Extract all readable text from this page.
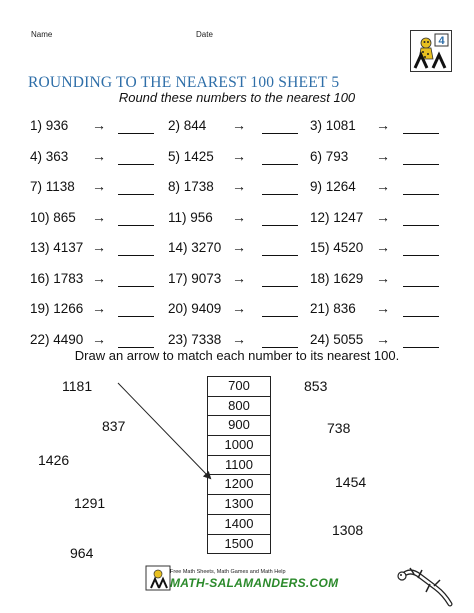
Name	Date
ROUNDING TO THE NEAREST 100 SHEET 5
4
Round these numbers to the nearest 100
1) 936 →	2) 844 →	3) 1081 →
4) 363 →	5) 1425 →	6) 793 →
7) 1138 →	8) 1738 →	9) 1264 →
10) 865 →	11) 956 →	12) 1247 →
13) 4137 →	14) 3270 →	15) 4520 →
16) 1783 →	17) 9073 →	18) 1629 →
19) 1266 →	20) 9409 →	21) 836 →
22) 4490 →	23) 7338 →	24) 5055 →
Draw an arrow to match each number to its nearest 100.
1181
837
1426
1291
964
700
800
900
1000
1100
1200
1300
1400
1500
853
738
1454
1308
Free Math Sheets, Math Games and Math Help
MATH-SALAMANDERS.COM
